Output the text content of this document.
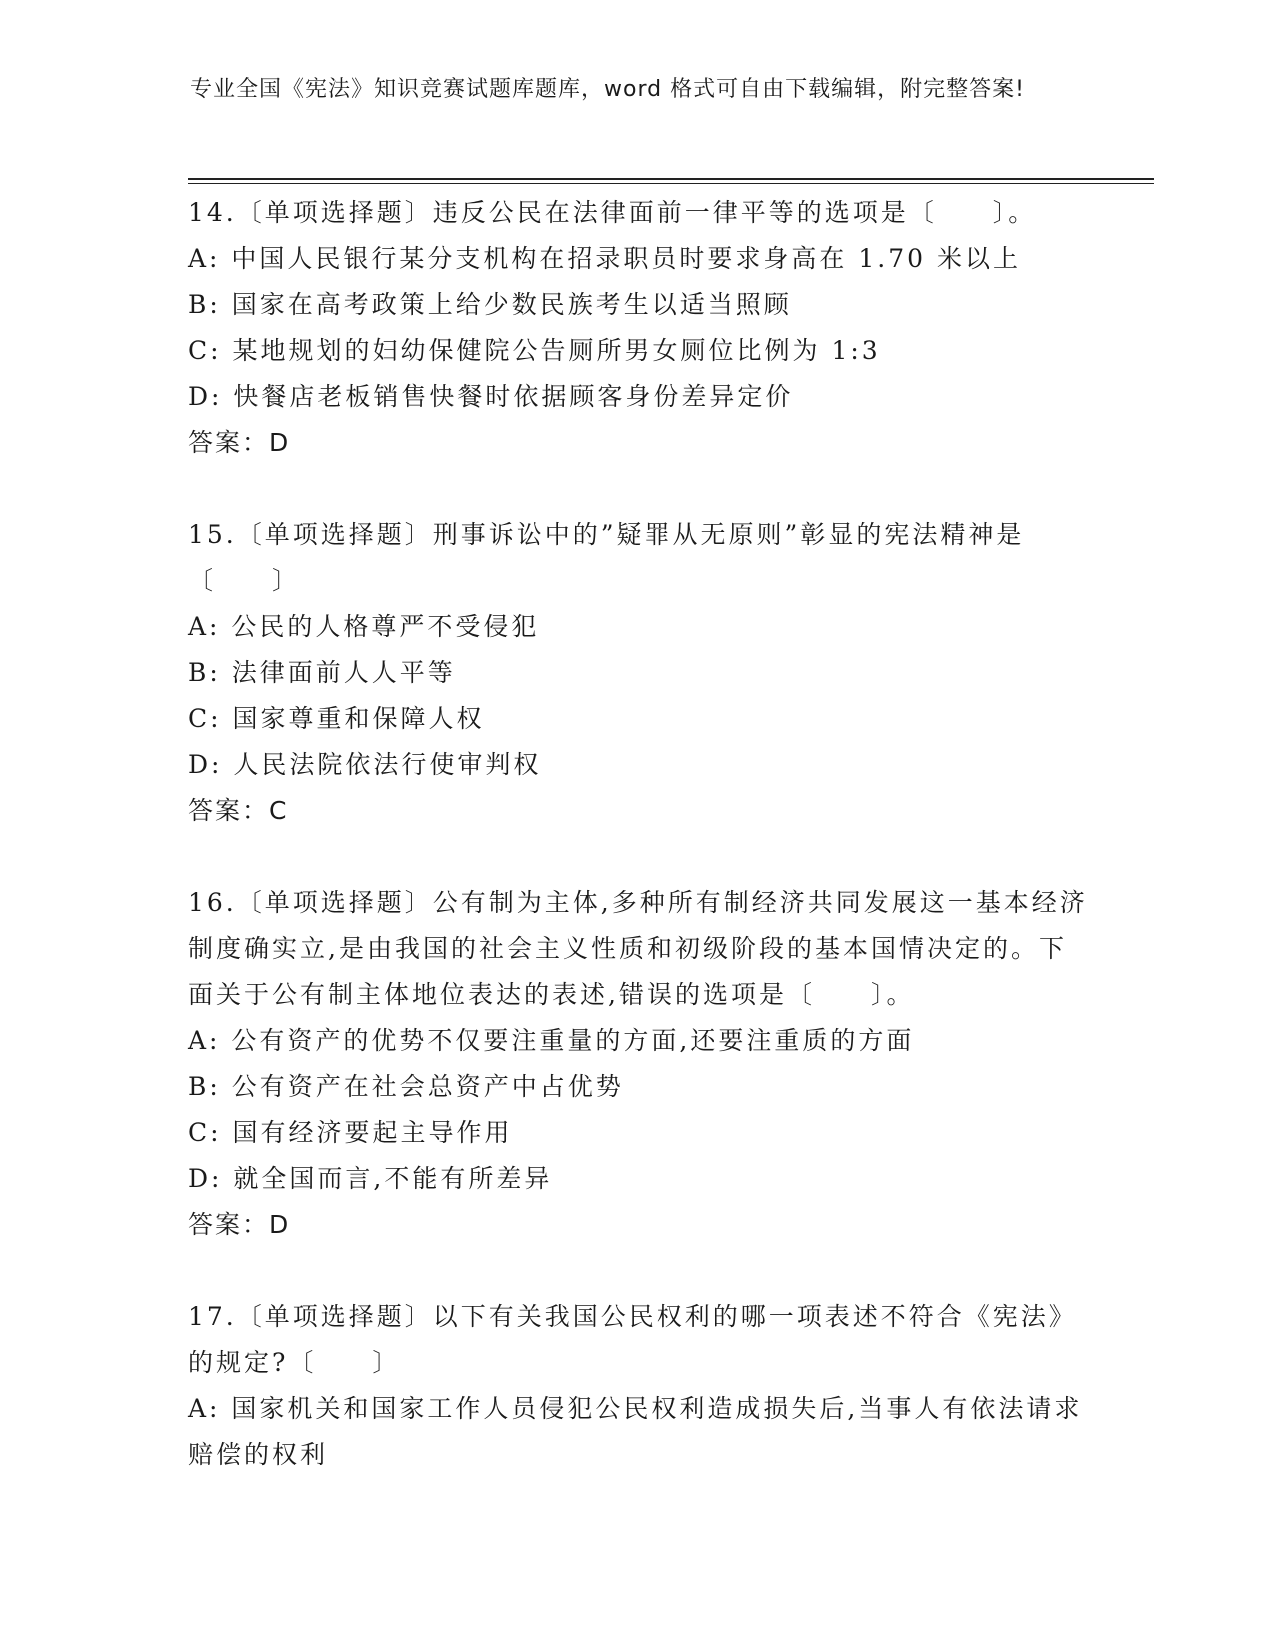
专业全国《宪法》知识竞赛试题库题库，word 格式可自由下载编辑，附完整答案!

14.〔单项选择题〕违反公民在法律面前一律平等的选项是〔　　〕。

A: 中国人民银行某分支机构在招录职员时要求身高在 1.70 米以上

B: 国家在高考政策上给少数民族考生以适当照顾

C: 某地规划的妇幼保健院公告厕所男女厕位比例为 1:3

D: 快餐店老板销售快餐时依据顾客身份差异定价

答案：D

15.〔单项选择题〕刑事诉讼中的”疑罪从无原则”彰显的宪法精神是〔　　〕

A: 公民的人格尊严不受侵犯

B: 法律面前人人平等

C: 国家尊重和保障人权

D: 人民法院依法行使审判权

答案：C

16.〔单项选择题〕公有制为主体,多种所有制经济共同发展这一基本经济制度确实立,是由我国的社会主义性质和初级阶段的基本国情决定的。下面关于公有制主体地位表达的表述,错误的选项是〔　　〕。

A: 公有资产的优势不仅要注重量的方面,还要注重质的方面

B: 公有资产在社会总资产中占优势

C: 国有经济要起主导作用

D: 就全国而言,不能有所差异

答案：D

17.〔单项选择题〕以下有关我国公民权利的哪一项表述不符合《宪法》的规定?〔　　〕

A: 国家机关和国家工作人员侵犯公民权利造成损失后,当事人有依法请求赔偿的权利
